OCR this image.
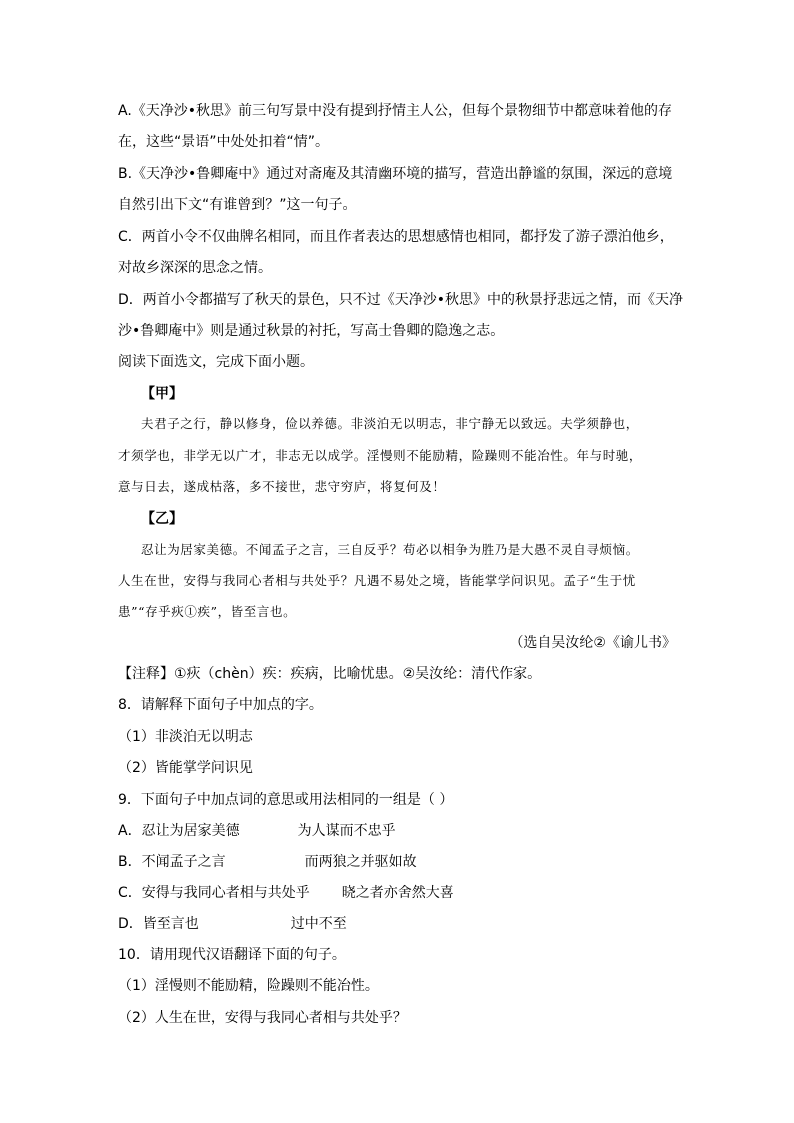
A.《天净沙•秋思》前三句写景中没有提到抒情主人公，但每个景物细节中都意味着他的存
在，这些“景语”中处处扣着“情”。
B.《天净沙•鲁卿庵中》通过对斋庵及其清幽环境的描写，营造出静谧的氛围，深远的意境
自然引出下文“有谁曾到？”这一句子。
C．两首小令不仅曲牌名相同，而且作者表达的思想感情也相同，都抒发了游子漂泊他乡，
对故乡深深的思念之情。
D．两首小令都描写了秋天的景色，只不过《天净沙•秋思》中的秋景抒悲远之情，而《天净
沙•鲁卿庵中》则是通过秋景的衬托，写高士鲁卿的隐逸之志。
阅读下面选文，完成下面小题。
【甲】
夫君子之行，静以修身，俭以养德。非淡泊无以明志，非宁静无以致远。夫学须静也，
才须学也，非学无以广才，非志无以成学。淫慢则不能励精，险躁则不能冶性。年与时驰，
意与日去，遂成枯落，多不接世，悲守穷庐，将复何及！
【乙】
忍让为居家美德。不闻孟子之言，三自反乎？苟必以相争为胜乃是大愚不灵自寻烦恼。
人生在世，安得与我同心者相与共处乎？凡遇不易处之境，皆能掌学问识见。孟子“生于忧
患”“存乎疢①疾”，皆至言也。
（选自吴汝纶②《谕儿书》
【注释】①疢（chèn）疾：疾病，比喻忧患。②吴汝纶：清代作家。
8．请解释下面句子中加点的字。
（1）非淡泊无以明志
（2）皆能掌学问识见
9．下面句子中加点词的意思或用法相同的一组是（ ）
A．忍让为居家美德	为人谋而不忠乎
B．不闻孟子之言	而两狼之并驱如故
C．安得与我同心者相与共处乎 晓之者亦舍然大喜
D．皆至言也	过中不至
10．请用现代汉语翻译下面的句子。
（1）淫慢则不能励精，险躁则不能冶性。
（2）人生在世，安得与我同心者相与共处乎？
